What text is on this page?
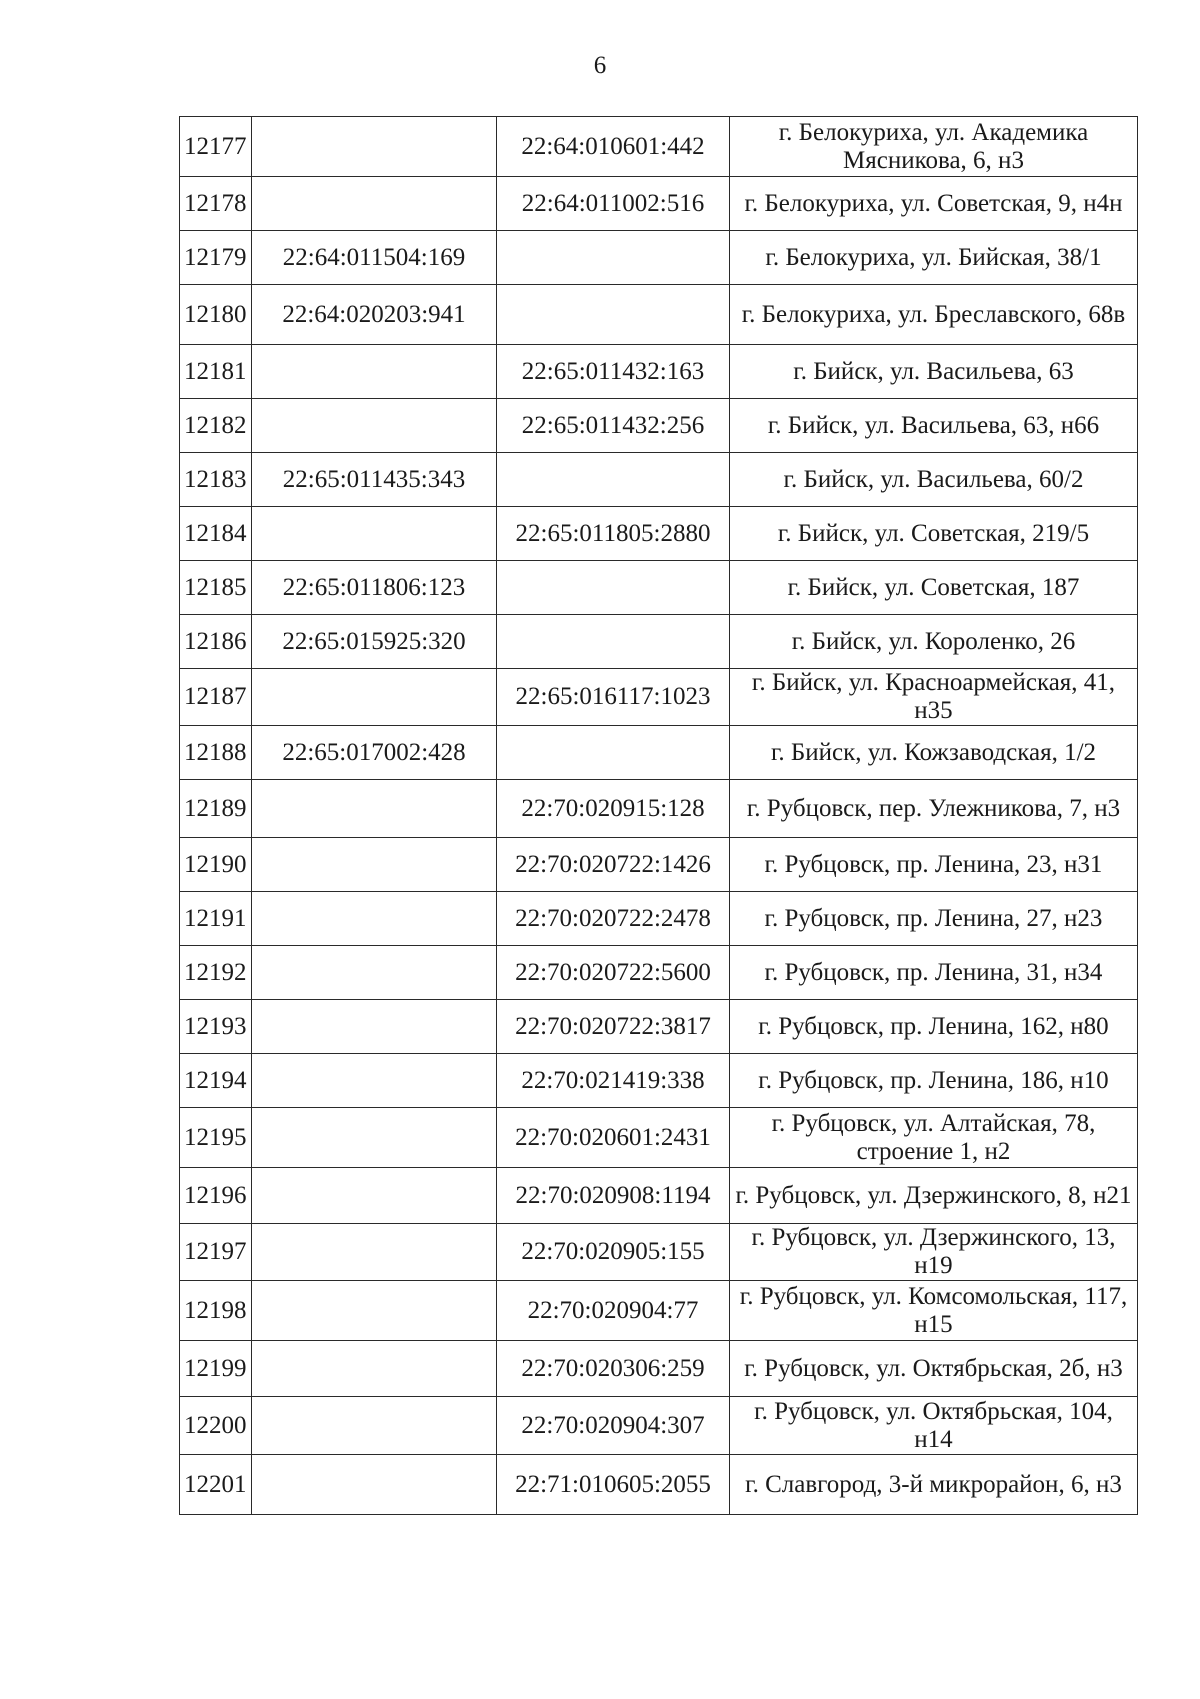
6
12177		22:64:010601:442	г. Белокуриха, ул. Академика Мясникова, 6, н3
12178		22:64:011002:516	г. Белокуриха, ул. Советская, 9, н4н
12179	22:64:011504:169		г. Белокуриха, ул. Бийская, 38/1
12180	22:64:020203:941		г. Белокуриха, ул. Бреславского, 68в
12181		22:65:011432:163	г. Бийск, ул. Васильева, 63
12182		22:65:011432:256	г. Бийск, ул. Васильева, 63, н66
12183	22:65:011435:343		г. Бийск, ул. Васильева, 60/2
12184		22:65:011805:2880	г. Бийск, ул. Советская, 219/5
12185	22:65:011806:123		г. Бийск, ул. Советская, 187
12186	22:65:015925:320		г. Бийск, ул. Короленко, 26
12187		22:65:016117:1023	г. Бийск, ул. Красноармейская, 41, н35
12188	22:65:017002:428		г. Бийск, ул. Кожзаводская, 1/2
12189		22:70:020915:128	г. Рубцовск, пер. Улежникова, 7, н3
12190		22:70:020722:1426	г. Рубцовск, пр. Ленина, 23, н31
12191		22:70:020722:2478	г. Рубцовск, пр. Ленина, 27, н23
12192		22:70:020722:5600	г. Рубцовск, пр. Ленина, 31, н34
12193		22:70:020722:3817	г. Рубцовск, пр. Ленина, 162, н80
12194		22:70:021419:338	г. Рубцовск, пр. Ленина, 186, н10
12195		22:70:020601:2431	г. Рубцовск, ул. Алтайская, 78, строение 1, н2
12196		22:70:020908:1194	г. Рубцовск, ул. Дзержинского, 8, н21
12197		22:70:020905:155	г. Рубцовск, ул. Дзержинского, 13, н19
12198		22:70:020904:77	г. Рубцовск, ул. Комсомольская, 117, н15
12199		22:70:020306:259	г. Рубцовск, ул. Октябрьская, 2б, н3
12200		22:70:020904:307	г. Рубцовск, ул. Октябрьская, 104, н14
12201		22:71:010605:2055	г. Славгород, 3-й микрорайон, 6, н3
